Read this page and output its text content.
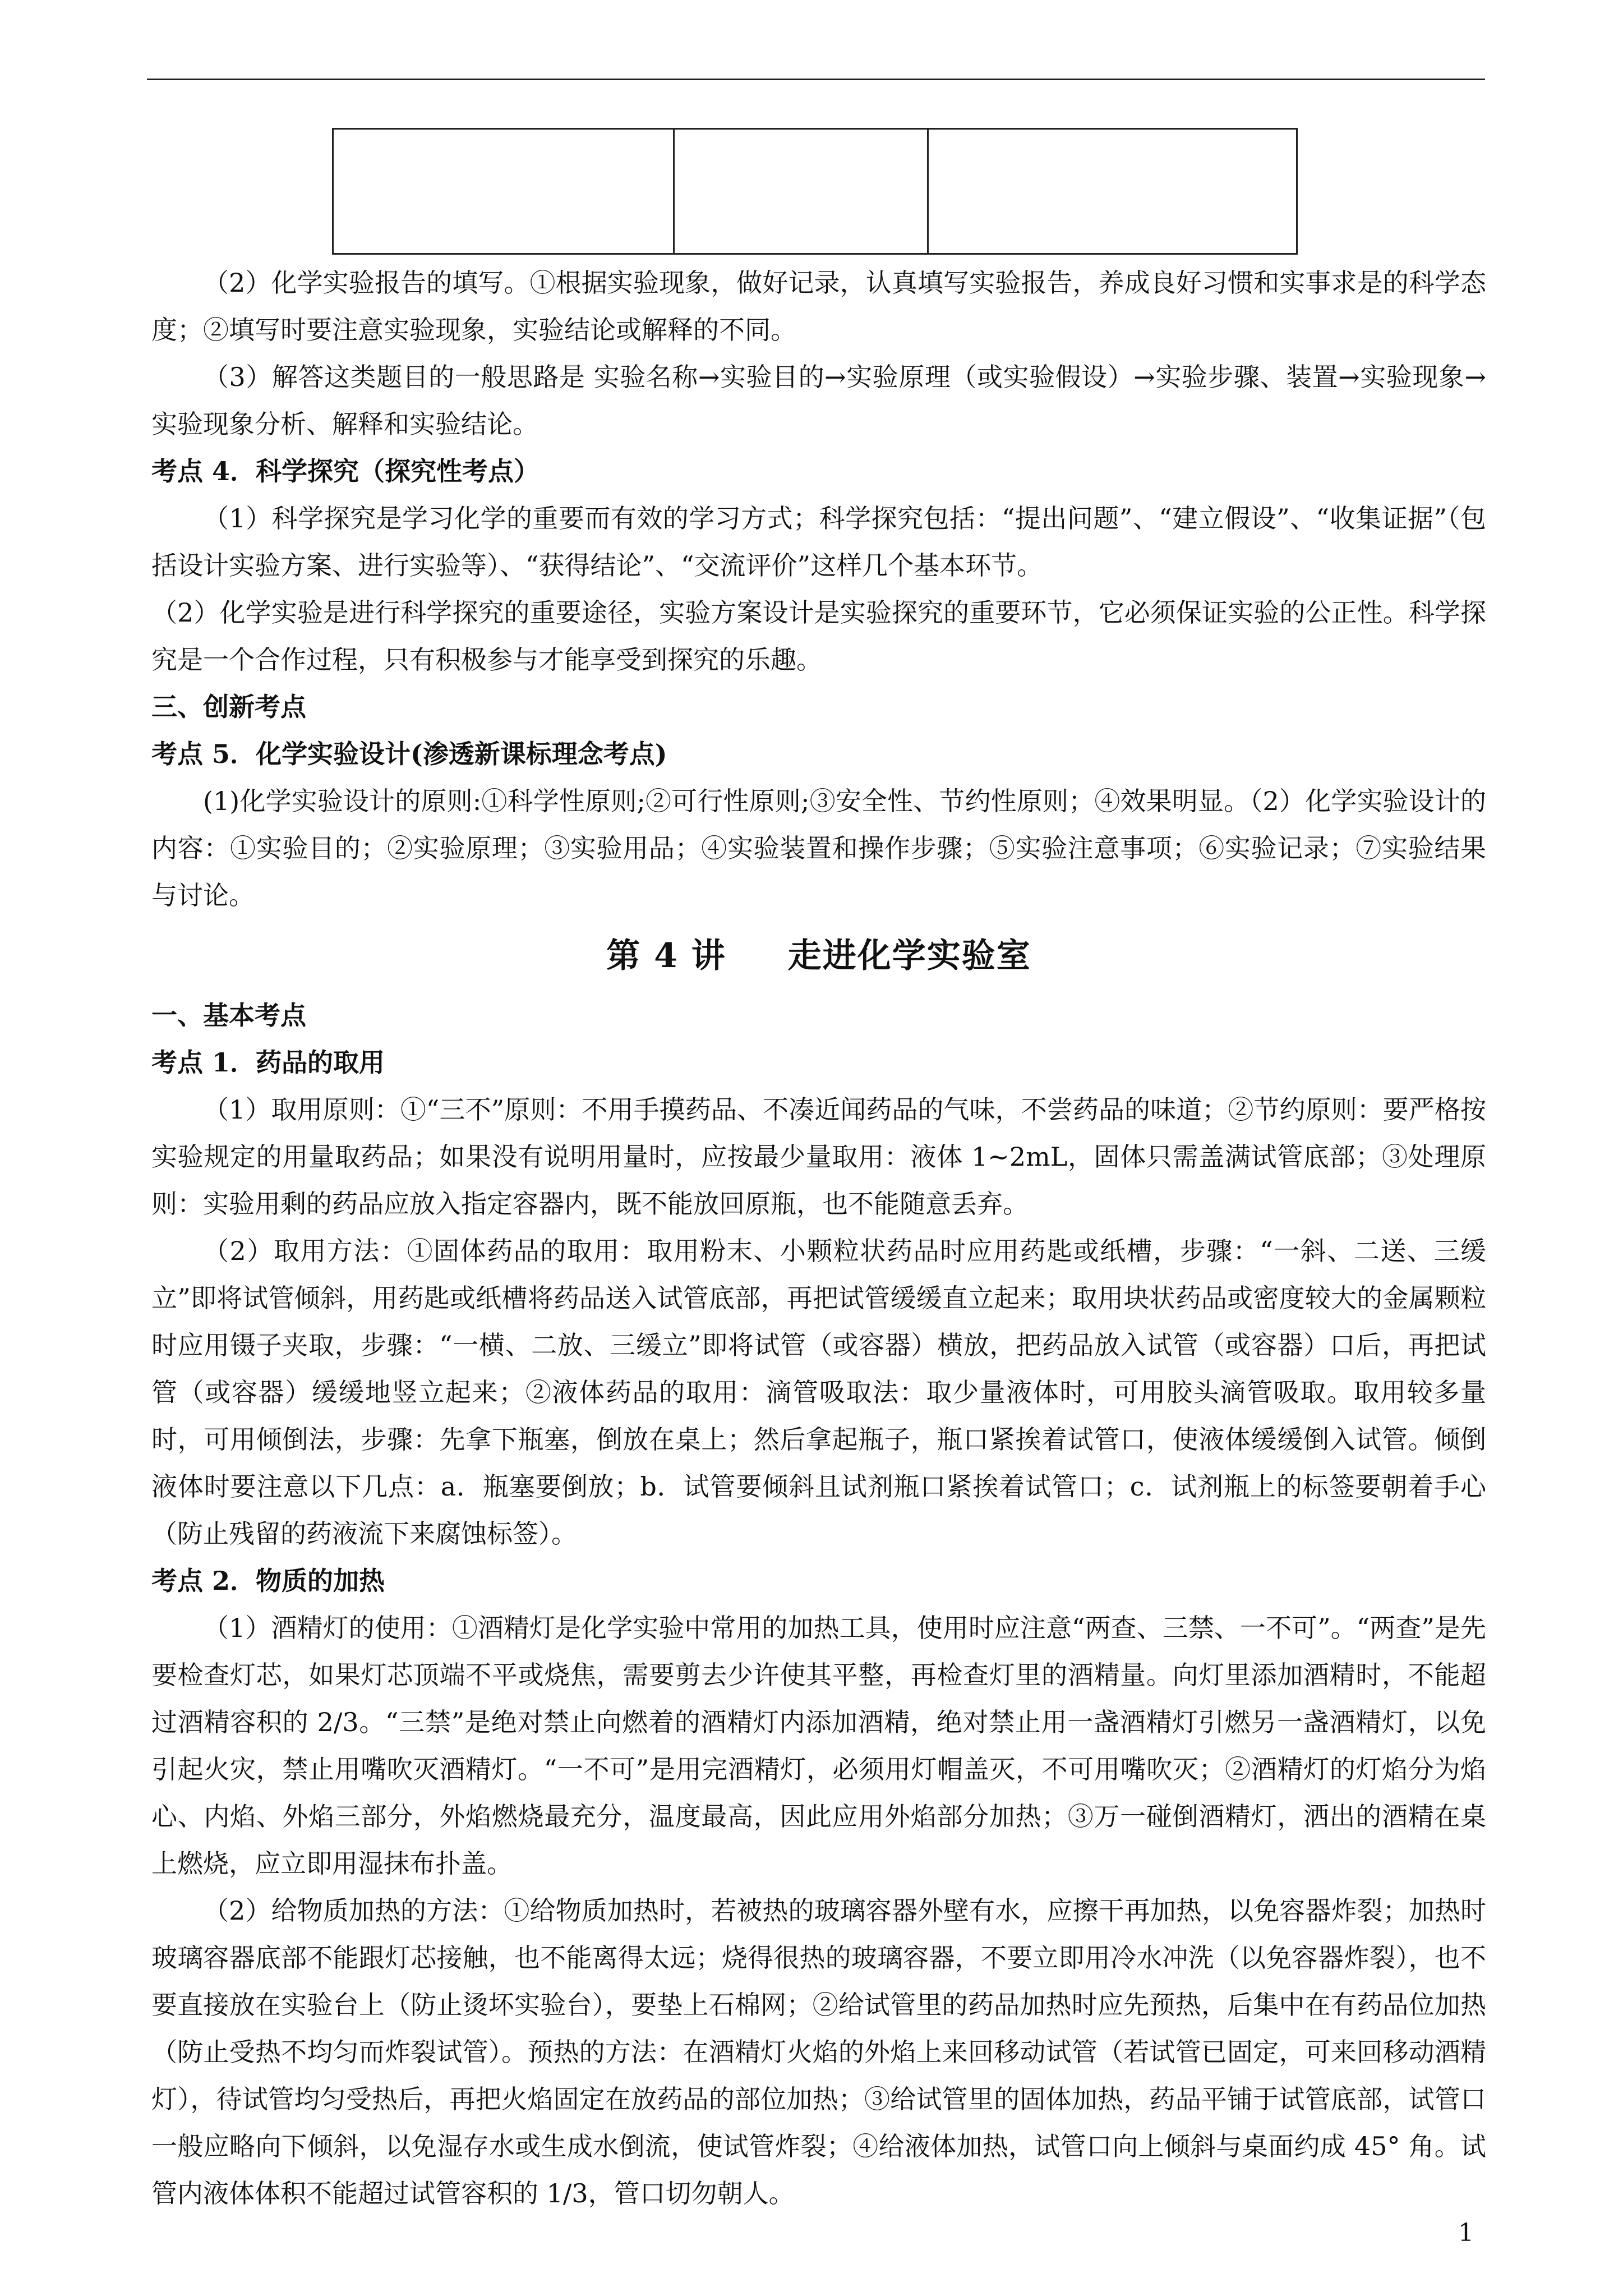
（2）化学实验报告的填写。①根据实验现象，做好记录，认真填写实验报告，养成良好习惯和实事求是的科学态度；②填写时要注意实验现象，实验结论或解释的不同。

（3）解答这类题目的一般思路是 实验名称→实验目的→实验原理（或实验假设）→实验步骤、装置→实验现象→实验现象分析、解释和实验结论。

考点 4．科学探究（探究性考点）

（1）科学探究是学习化学的重要而有效的学习方式；科学探究包括：“提出问题”、“建立假设”、“收集证据”（包括设计实验方案、进行实验等）、“获得结论”、“交流评价”这样几个基本环节。

（2）化学实验是进行科学探究的重要途径，实验方案设计是实验探究的重要环节，它必须保证实验的公正性。科学探究是一个合作过程，只有积极参与才能享受到探究的乐趣。

三、创新考点

考点 5．化学实验设计(渗透新课标理念考点)

(1)化学实验设计的原则:①科学性原则;②可行性原则;③安全性、节约性原则；④效果明显。（2）化学实验设计的内容：①实验目的；②实验原理；③实验用品；④实验装置和操作步骤；⑤实验注意事项；⑥实验记录；⑦实验结果与讨论。

第 4 讲 走进化学实验室

一、基本考点

考点 1．药品的取用

（1）取用原则：①“三不”原则：不用手摸药品、不凑近闻药品的气味，不尝药品的味道；②节约原则：要严格按实验规定的用量取药品；如果没有说明用量时，应按最少量取用：液体 1~2mL，固体只需盖满试管底部；③处理原则：实验用剩的药品应放入指定容器内，既不能放回原瓶，也不能随意丢弃。

（2）取用方法：①固体药品的取用：取用粉末、小颗粒状药品时应用药匙或纸槽，步骤：“一斜、二送、三缓立”即将试管倾斜，用药匙或纸槽将药品送入试管底部，再把试管缓缓直立起来；取用块状药品或密度较大的金属颗粒时应用镊子夹取，步骤：“一横、二放、三缓立”即将试管（或容器）横放，把药品放入试管（或容器）口后，再把试管（或容器）缓缓地竖立起来；②液体药品的取用：滴管吸取法：取少量液体时，可用胶头滴管吸取。取用较多量时，可用倾倒法，步骤：先拿下瓶塞，倒放在桌上；然后拿起瓶子，瓶口紧挨着试管口，使液体缓缓倒入试管。倾倒液体时要注意以下几点：a．瓶塞要倒放；b．试管要倾斜且试剂瓶口紧挨着试管口；c．试剂瓶上的标签要朝着手心（防止残留的药液流下来腐蚀标签）。

考点 2．物质的加热

（1）酒精灯的使用：①酒精灯是化学实验中常用的加热工具，使用时应注意“两查、三禁、一不可”。“两查”是先要检查灯芯，如果灯芯顶端不平或烧焦，需要剪去少许使其平整，再检查灯里的酒精量。向灯里添加酒精时，不能超过酒精容积的 2/3。“三禁”是绝对禁止向燃着的酒精灯内添加酒精，绝对禁止用一盏酒精灯引燃另一盏酒精灯，以免引起火灾，禁止用嘴吹灭酒精灯。“一不可”是用完酒精灯，必须用灯帽盖灭，不可用嘴吹灭；②酒精灯的灯焰分为焰心、内焰、外焰三部分，外焰燃烧最充分，温度最高，因此应用外焰部分加热；③万一碰倒酒精灯，洒出的酒精在桌上燃烧，应立即用湿抹布扑盖。

（2）给物质加热的方法：①给物质加热时，若被热的玻璃容器外壁有水，应擦干再加热，以免容器炸裂；加热时玻璃容器底部不能跟灯芯接触，也不能离得太远；烧得很热的玻璃容器，不要立即用冷水冲洗（以免容器炸裂），也不要直接放在实验台上（防止烫坏实验台），要垫上石棉网；②给试管里的药品加热时应先预热，后集中在有药品位加热（防止受热不均匀而炸裂试管）。预热的方法：在酒精灯火焰的外焰上来回移动试管（若试管已固定，可来回移动酒精灯），待试管均匀受热后，再把火焰固定在放药品的部位加热；③给试管里的固体加热，药品平铺于试管底部，试管口一般应略向下倾斜，以免湿存水或生成水倒流，使试管炸裂；④给液体加热，试管口向上倾斜与桌面约成 45° 角。试管内液体体积不能超过试管容积的 1/3，管口切勿朝人。

1
